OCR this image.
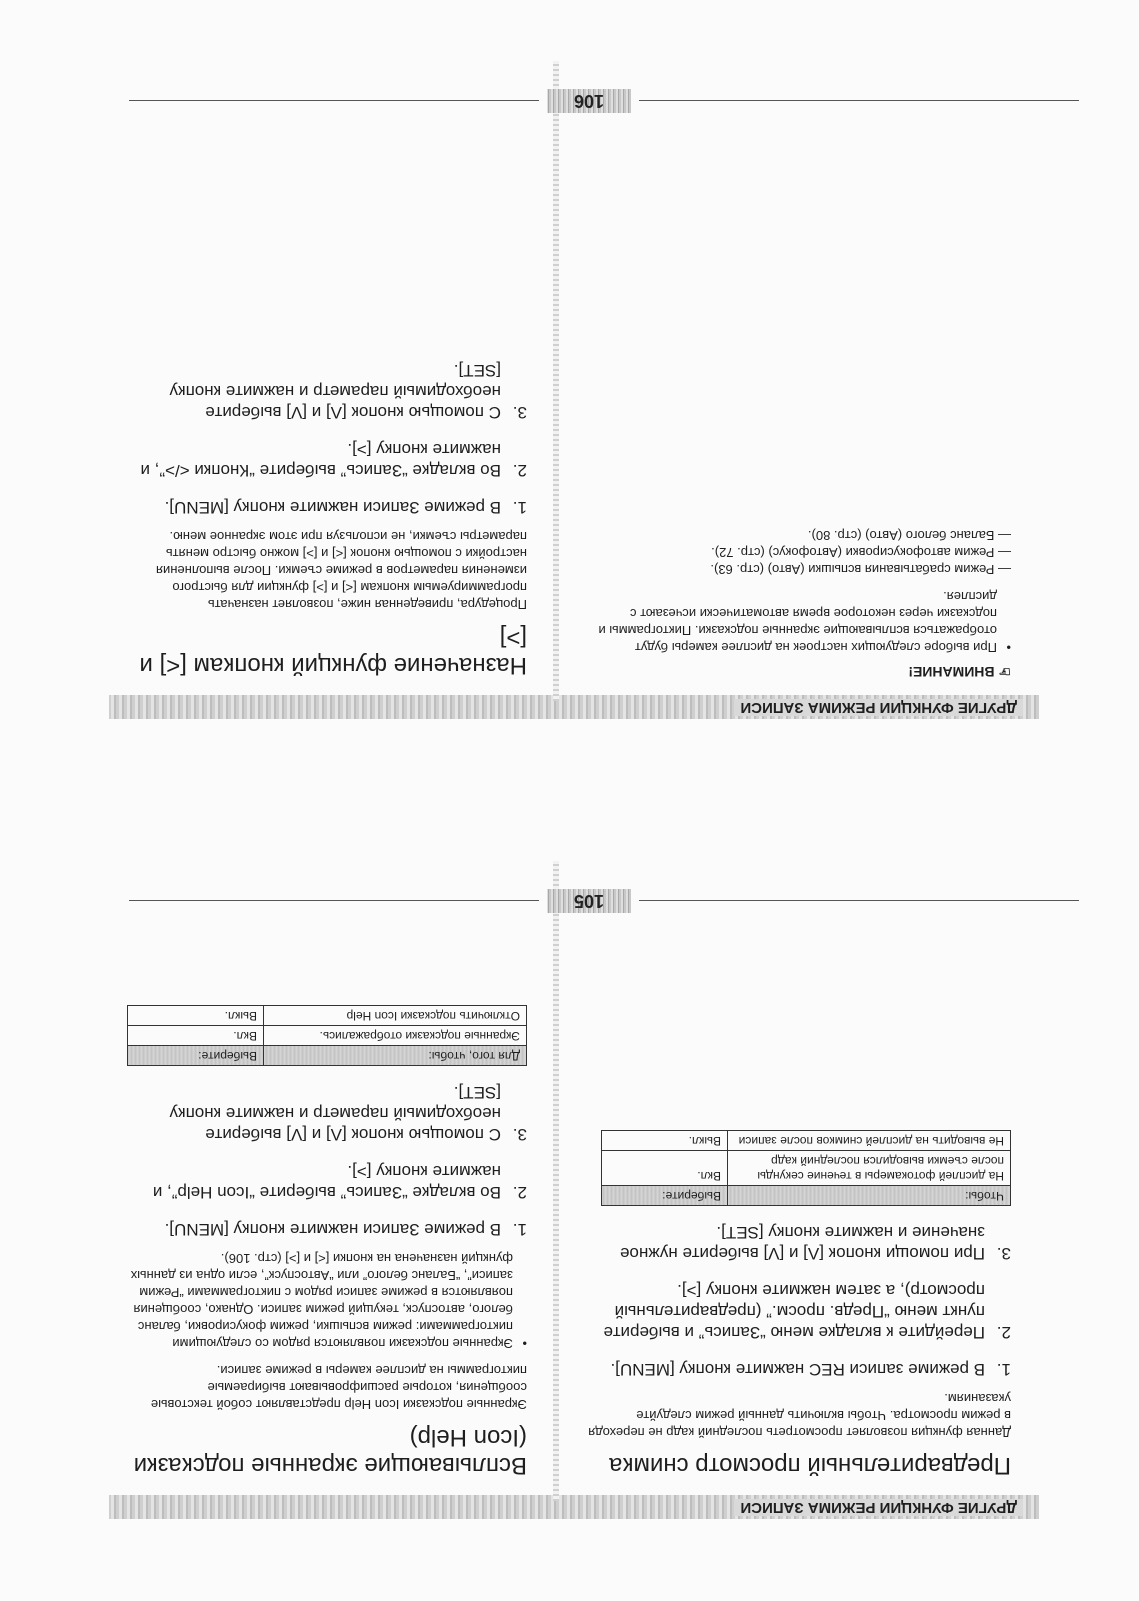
ДРУГИЕ ФУНКЦИИ РЕЖИМА ЗАПИСИ
Предварительный просмотр снимка

Данная функция позволяет просмотреть последний кадр не переходя в режим просмотра. Чтобы включить данный режим следуйте указаниям.

1.
В режиме записи REC нажмите кнопку [MENU].
2.
Перейдите к вкладке меню “Запись” и выберите пункт меню “Предв. просм.” (предварительный просмотр), а затем нажмите кнопку [>].
3.
При помощи кнопок [Λ] и [V] выберите нужное значение и нажмите кнопку [SET].
Чтобы:	Выберите:
На дисплей фотокамеры в течение секунды после съемки выводился последний кадр	Вкл.
Не выводить на дисплей снимков после записи	Выкл.
Всплывающие экранные подсказки (Icon Help)

Экранные подсказки Icon Help представляют собой текстовые сообщения, которые расшифровывают выбираемые пиктограммы на дисплее камеры в режиме записи.

• Экранные подсказки появляются рядом со следующими пиктограммами: режим вспышки, режим фокусировки, баланс белого, автоспуск, текущий режим записи. Однако, сообщения появляются в режиме записи рядом с пиктограммами “Режим записи”, “Баланс белого” или “Автоспуск”, если одна из данных функций назначена на кнопки [<] и [>] (стр. 106).
1.
В режиме Записи нажмите кнопку [MENU].
2.
Во вкладке “Запись” выберите “Icon Help”, и нажмите кнопку [>].
3.
С помощью кнопок [Λ] и [V] выберите необходимый параметр и нажмите кнопку [SET].
Для того, чтобы:	Выберите:
Экранные подсказки отображались.	Вкл.
Отключить подсказки Icon Help	Выкл.
105
ДРУГИЕ ФУНКЦИИ РЕЖИМА ЗАПИСИ
☞ ВНИМАНИЕ!
• При выборе следующих настроек на дисплее камеры будут отображаться всплывающие экранные подсказки. Пиктограммы и подсказки через некоторое время автоматически исчезают с дисплея.

— Режим срабатывания вспышки (Авто) (стр. 63).

— Режим автофокусировки (Автофокус) (стр. 72).

— Баланс белого (Авто) (стр. 80).

Назначение функций кнопкам [<] и [>]

Процедура, приведенная ниже, позволяет назначать программируемым кнопкам [<] и [>] функции для быстрого изменения параметров в режиме съемки. После выполнения настройки с помощью кнопок [<] и [>] можно быстро менять параметры съемки, не используя при этом экранное меню.

1.
В режиме Записи нажмите кнопку [MENU].
2.
Во вкладке “Запись” выберите “Кнопки </>”, и нажмите кнопку [>].
3.
С помощью кнопок [Λ] и [V] выберите необходимый параметр и нажмите кнопку [SET].
106
